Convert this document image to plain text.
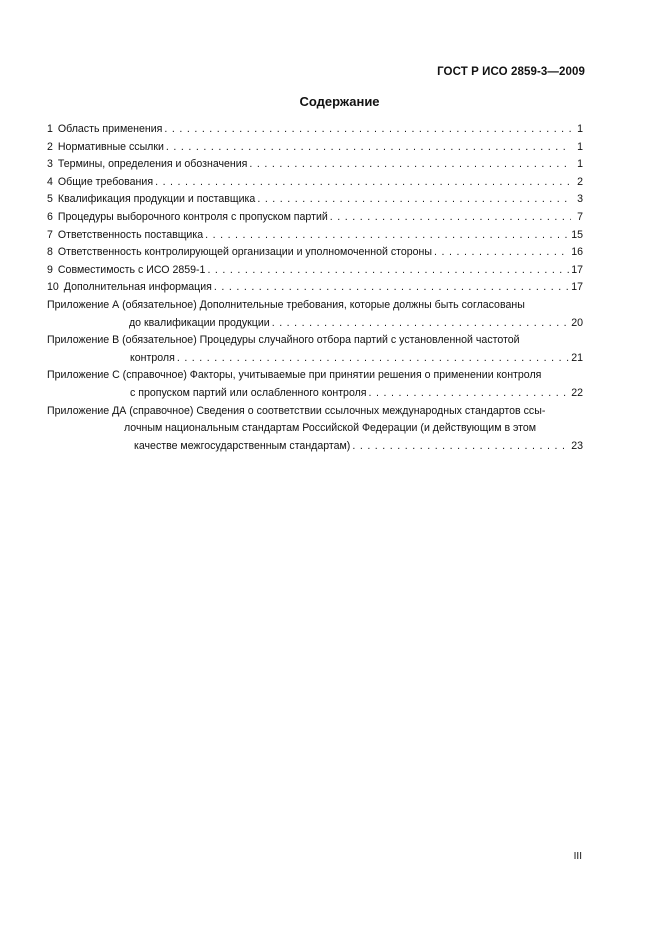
ГОСТ Р ИСО 2859-3—2009
Содержание
1 Область применения . . .	1
2 Нормативные ссылки . . .	1
3 Термины, определения и обозначения . . .	1
4 Общие требования . . .	2
5 Квалификация продукции и поставщика . . .	3
6 Процедуры выборочного контроля с пропуском партий . . .	7
7 Ответственность поставщика . . .	15
8 Ответственность контролирующей организации и уполномоченной стороны . . .	16
9 Совместимость с ИСО 2859-1 . . .	17
10 Дополнительная информация . . .	17
Приложение А (обязательное) Дополнительные требования, которые должны быть согласованы
до квалификации продукции . . .	20
Приложение В (обязательное) Процедуры случайного отбора партий с установленной частотой
контроля . . .	21
Приложение С (справочное) Факторы, учитываемые при принятии решения о применении контроля
с пропуском партий или ослабленного контроля . . .	22
Приложение ДА (справочное) Сведения о соответствии ссылочных международных стандартов ссы-
лочным национальным стандартам Российской Федерации (и действующим в этом
качестве межгосударственным стандартам) . . .	23
III
